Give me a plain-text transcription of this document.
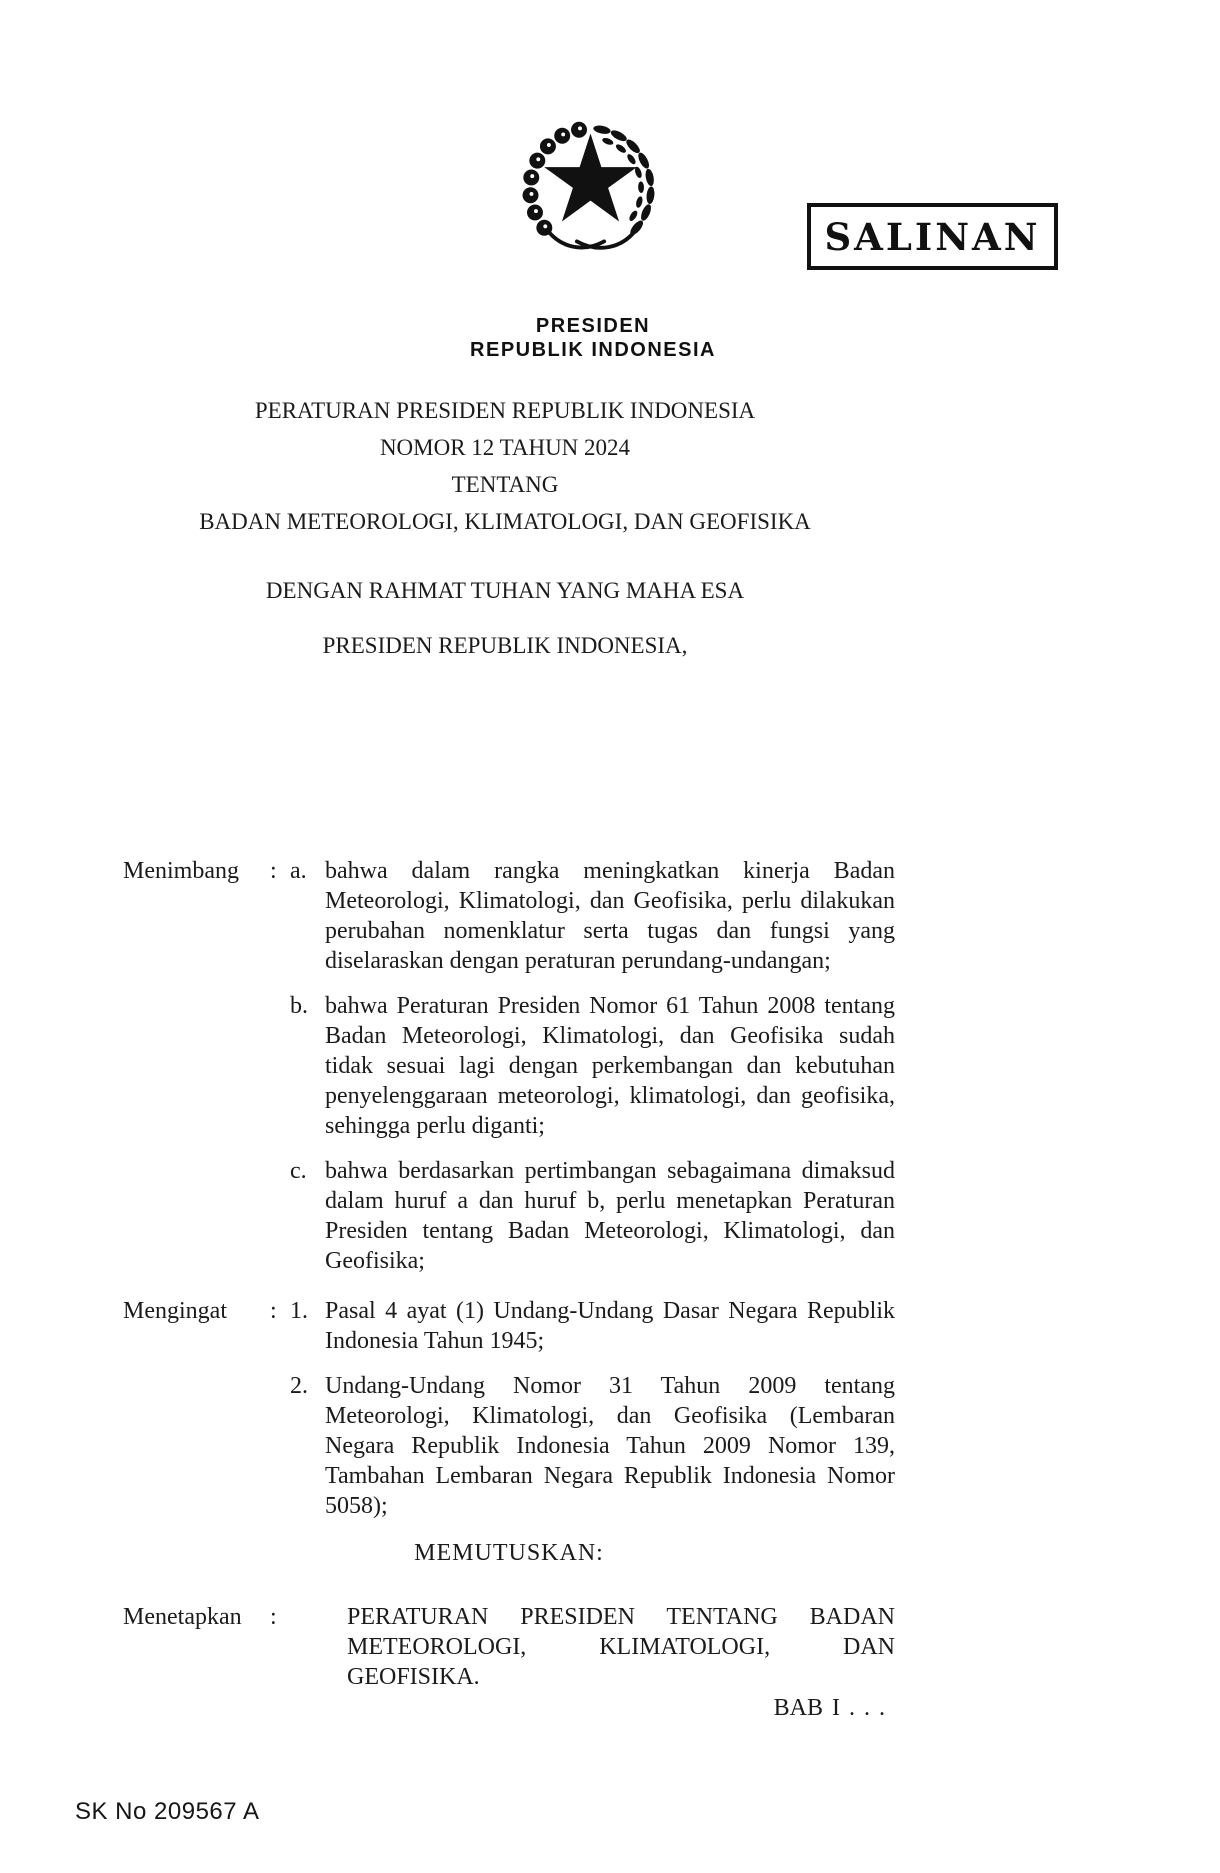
PRESIDEN
REPUBLIK INDONESIA
SALINAN
PERATURAN PRESIDEN REPUBLIK INDONESIA
NOMOR 12 TAHUN 2024
TENTANG
BADAN METEOROLOGI, KLIMATOLOGI, DAN GEOFISIKA
DENGAN RAHMAT TUHAN YANG MAHA ESA
PRESIDEN REPUBLIK INDONESIA,
Menimbang	: a. bahwa dalam rangka meningkatkan kinerja Badan Meteorologi, Klimatologi, dan Geofisika, perlu dilakukan perubahan nomenklatur serta tugas dan fungsi yang diselaraskan dengan peraturan perundang-undangan;
b. bahwa Peraturan Presiden Nomor 61 Tahun 2008 tentang Badan Meteorologi, Klimatologi, dan Geofisika sudah tidak sesuai lagi dengan perkembangan dan kebutuhan penyelenggaraan meteorologi, klimatologi, dan geofisika, sehingga perlu diganti;
c. bahwa berdasarkan pertimbangan sebagaimana dimaksud dalam huruf a dan huruf b, perlu menetapkan Peraturan Presiden tentang Badan Meteorologi, Klimatologi, dan Geofisika;
Mengingat	: 1. Pasal 4 ayat (1) Undang-Undang Dasar Negara Republik Indonesia Tahun 1945;
2. Undang-Undang Nomor 31 Tahun 2009 tentang Meteorologi, Klimatologi, dan Geofisika (Lembaran Negara Republik Indonesia Tahun 2009 Nomor 139, Tambahan Lembaran Negara Republik Indonesia Nomor 5058);
MEMUTUSKAN:
Menetapkan	:	PERATURAN PRESIDEN TENTANG BADAN METEOROLOGI, KLIMATOLOGI, DAN GEOFISIKA.
BAB I . . .
SK No 209567 A
